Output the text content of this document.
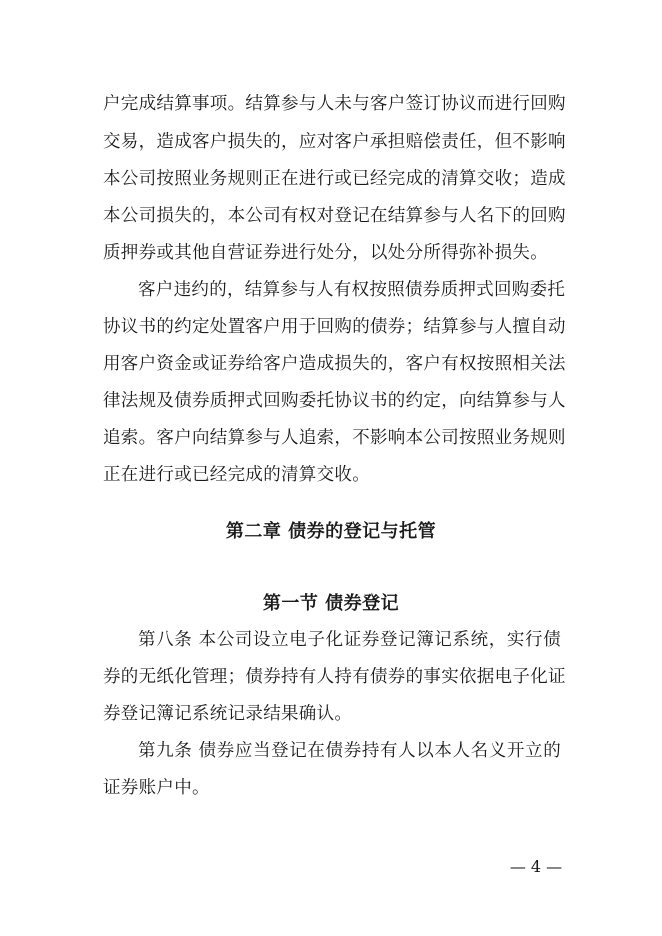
户完成结算事项。结算参与人未与客户签订协议而进行回购
交易，造成客户损失的，应对客户承担赔偿责任，但不影响
本公司按照业务规则正在进行或已经完成的清算交收；造成
本公司损失的，本公司有权对登记在结算参与人名下的回购
质押券或其他自营证券进行处分，以处分所得弥补损失。
客户违约的，结算参与人有权按照债券质押式回购委托
协议书的约定处置客户用于回购的债券；结算参与人擅自动
用客户资金或证券给客户造成损失的，客户有权按照相关法
律法规及债券质押式回购委托协议书的约定，向结算参与人
追索。客户向结算参与人追索，不影响本公司按照业务规则
正在进行或已经完成的清算交收。
第二章 债券的登记与托管
第一节 债券登记
第八条 本公司设立电子化证券登记簿记系统，实行债
券的无纸化管理；债券持有人持有债券的事实依据电子化证
券登记簿记系统记录结果确认。
第九条 债券应当登记在债券持有人以本人名义开立的
证券账户中。
— 4 —
